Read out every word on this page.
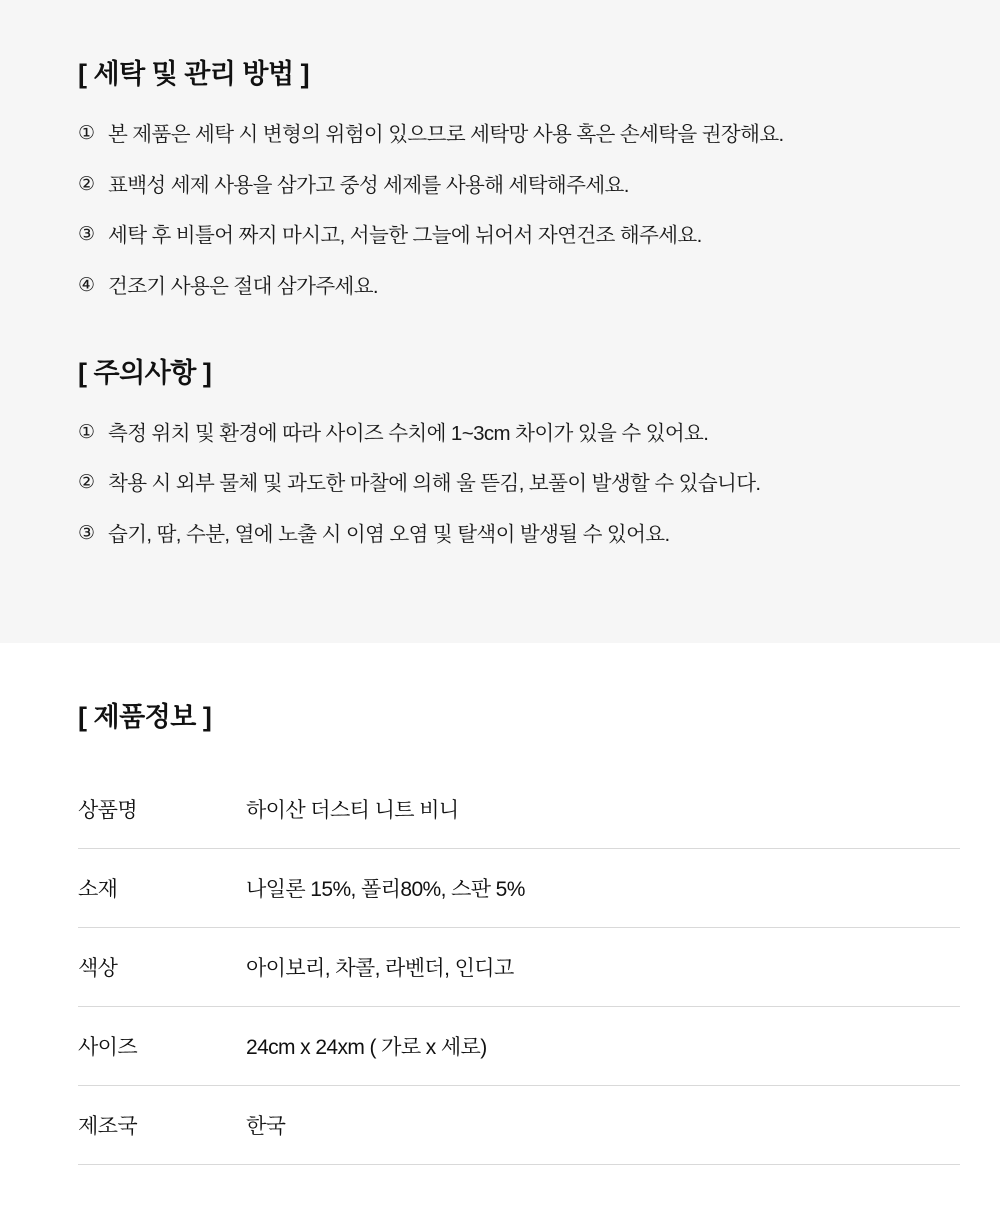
[ 세탁 및 관리 방법 ]
① 본 제품은 세탁 시 변형의 위험이 있으므로 세탁망 사용 혹은 손세탁을 권장해요.
② 표백성 세제 사용을 삼가고 중성 세제를 사용해 세탁해주세요.
③ 세탁 후 비틀어 짜지 마시고, 서늘한 그늘에 뉘어서 자연건조 해주세요.
④ 건조기 사용은 절대 삼가주세요.
[ 주의사항 ]
① 측정 위치 및 환경에 따라 사이즈 수치에 1~3cm 차이가 있을 수 있어요.
② 착용 시 외부 물체 및 과도한 마찰에 의해 울 뜯김, 보풀이 발생할 수 있습니다.
③ 습기, 땀, 수분, 열에 노출 시 이염 오염 및 탈색이 발생될 수 있어요.
[ 제품정보 ]
상품명	하이산 더스티 니트 비니
소재	나일론 15%, 폴리80%, 스판 5%
색상	아이보리, 차콜, 라벤더, 인디고
사이즈	24cm x 24xm ( 가로 x 세로)
제조국	한국
